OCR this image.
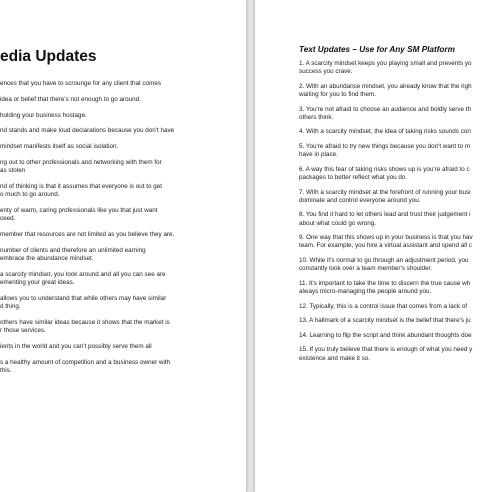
edia Updates
ences that you have to scrounge for any client that comes
idea or belief that there's not enough to go around.
holding your business hostage.
nd stands and make loud declarations because you don't have
mindset manifests itself as social isolation.
ng out to other professionals and networking with them for
as stolen
nd of thinking is that it assumes that everyone is out to get
o much to go around.
enty of warm, caring professionals like you that just want
ceed.
member that resources are not limited as you believe they are.
number of clients and therefore an unlimited earning
embrace the abundance mindset.
a scarcity mindset, you look around and all you can see are
ementing your great ideas.
allows you to understand that while others may have similar
d thing.
others have similar ideas because it shows that the market is
r those services.
ients in the world and you can't possibly serve them all
s a healthy amount of competition and a business owner with
this.
Text Updates – Use for Any SM Platform
1. A scarcity mindset keeps you playing small and prevents yo
success you crave.
2. With an abundance mindset, you already know that the righ
waiting for you to find them.
3. You're not afraid to choose an audience and boldly serve th
others think.
4. With a scarcity mindset, the idea of taking risks sounds con
5. You're afraid to try new things because you don't want to m
have in place.
6. A way this fear of taking risks shows up is you're afraid to c
packages to better reflect what you do.
7. With a scarcity mindset at the forefront of running your busi
dominate and control everyone around you.
8. You find it hard to let others lead and trust their judgement i
about what could go wrong.
9. One way that this shows up in your business is that you hav
team. For example, you hire a virtual assistant and spend all c
10. While it's normal to go through an adjustment period, you
constantly look over a team member's shoulder.
11. It's important to take the time to discern the true cause wh
always micro-managing the people around you.
12. Typically, this is a control issue that comes from a lack of
13. A hallmark of a scarcity mindset is the belief that there's ju
14. Learning to flip the script and think abundant thoughts doe
15. If you truly believe that there is enough of what you need y
existence and make it so.
